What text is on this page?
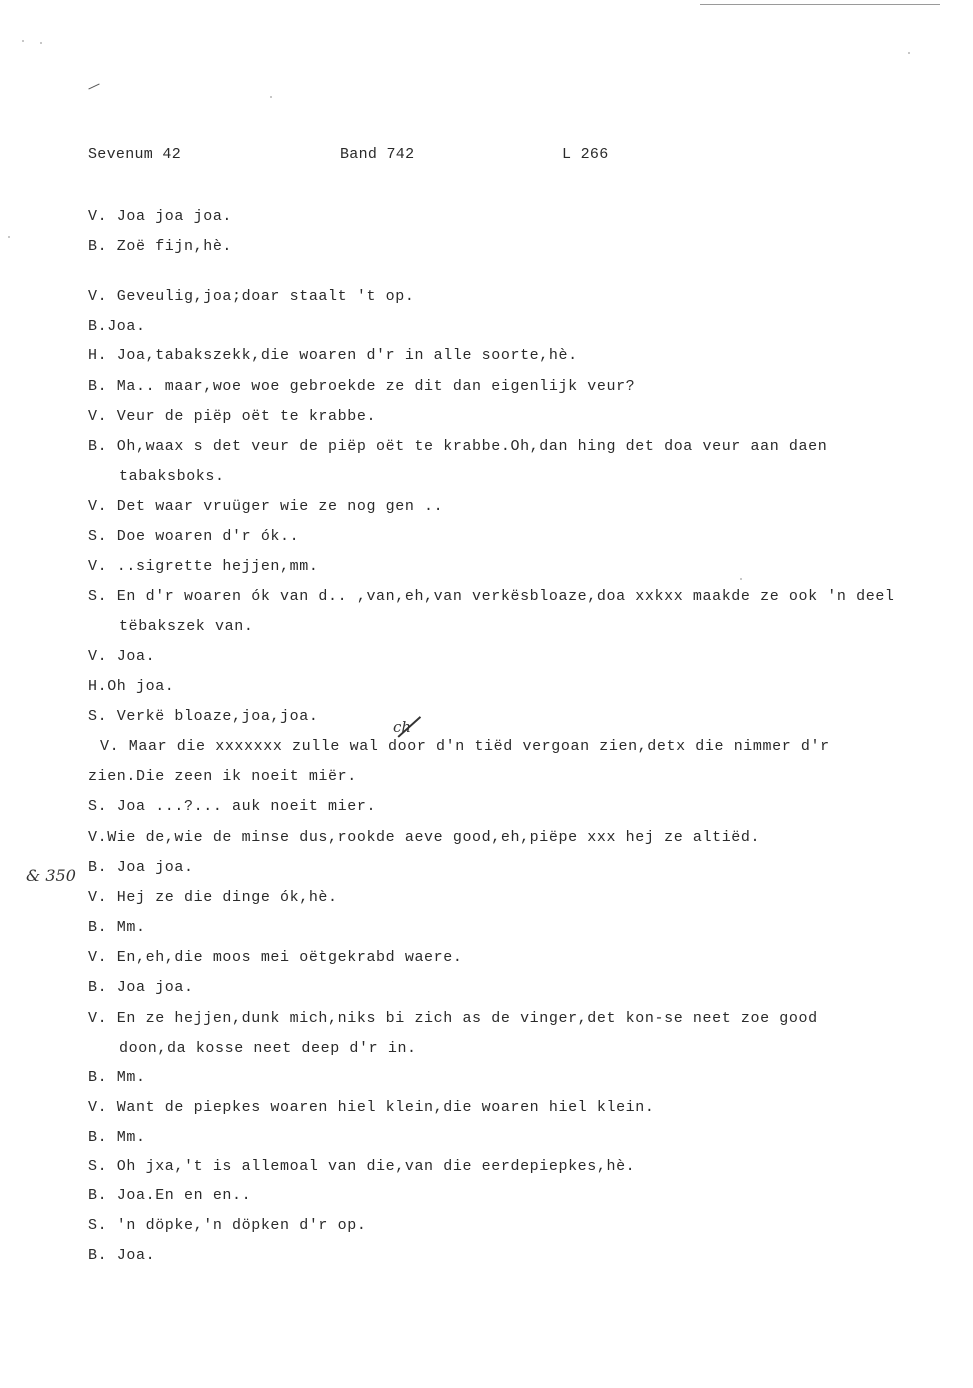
Sevenum 42	Band 742	L 266
& 350
ch
V. Joa joa joa.
B. Zoë fijn,hè.
V. Geveulig,joa;doar staalt 't op.
B.Joa.
H. Joa,tabakszekk,die woaren d'r in alle soorte,hè.
B. Ma.. maar,woe woe gebroekde ze dit dan eigenlijk veur?
V. Veur de piëp oët te krabbe.
B. Oh,waax s det veur de piëp oët te krabbe.Oh,dan hing det doa veur aan daen
tabaksboks.
V. Det waar vruüger wie ze nog gen ..
S. Doe woaren d'r ók..
V. ..sigrette hejjen,mm.
S. En d'r woaren ók van d.. ,van,eh,van verkësbloaze,doa xxkxx maakde ze ook 'n deel
tëbakszek van.
V. Joa.
H.Oh joa.
S. Verkë bloaze,joa,joa.
V. Maar die xxxxxxx zulle wal door d'n tiëd vergoan zien,detx die nimmer d'r
zien.Die zeen ik noeit miër.
S. Joa ...?... auk noeit mier.
V.Wie de,wie de minse dus,rookde aeve good,eh,piëpe xxx hej ze altiëd.
B. Joa joa.
V. Hej ze die dinge ók,hè.
B. Mm.
V. En,eh,die moos mei oëtgekrabd waere.
B. Joa joa.
V. En ze hejjen,dunk mich,niks bi zich as de vinger,det kon-se neet zoe good
doon,da kosse neet deep d'r in.
B. Mm.
V. Want de piepkes woaren hiel klein,die woaren hiel klein.
B. Mm.
S. Oh jxa,'t is allemoal van die,van die eerdepiepkes,hè.
B. Joa.En en en..
S. 'n döpke,'n döpken d'r op.
B. Joa.
